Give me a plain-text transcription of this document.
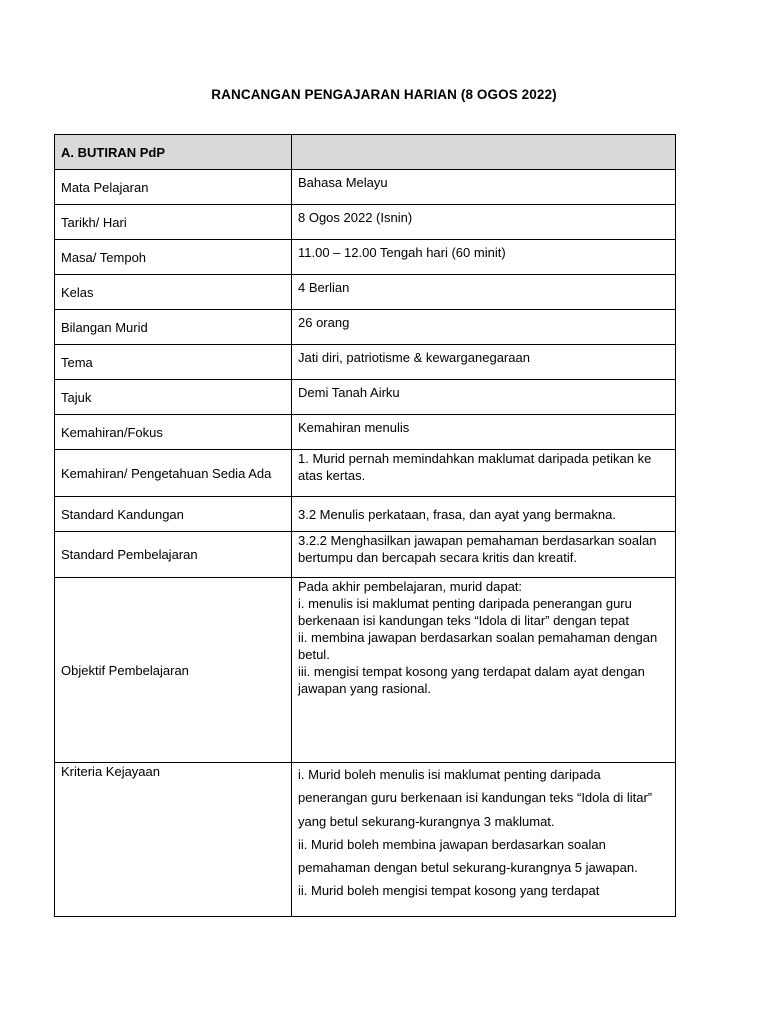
RANCANGAN PENGAJARAN HARIAN (8 OGOS 2022)
A. BUTIRAN PdP	
Mata Pelajaran	Bahasa Melayu
Tarikh/ Hari	8 Ogos 2022 (Isnin)
Masa/ Tempoh	11.00 – 12.00 Tengah hari (60 minit)
Kelas	4 Berlian
Bilangan Murid	26 orang
Tema	Jati diri, patriotisme & kewarganegaraan
Tajuk	Demi Tanah Airku
Kemahiran/Fokus	Kemahiran menulis
Kemahiran/ Pengetahuan Sedia Ada	1. Murid pernah memindahkan maklumat daripada petikan ke atas kertas.
Standard Kandungan	3.2 Menulis perkataan, frasa, dan ayat yang bermakna.
Standard Pembelajaran	3.2.2 Menghasilkan jawapan pemahaman berdasarkan soalan bertumpu dan bercapah secara kritis dan kreatif.
Objektif Pembelajaran	Pada akhir pembelajaran, murid dapat:
i. menulis isi maklumat penting daripada penerangan guru berkenaan isi kandungan teks “Idola di litar” dengan tepat
ii. membina jawapan berdasarkan soalan pemahaman dengan betul.
iii. mengisi tempat kosong yang terdapat dalam ayat dengan jawapan yang rasional.

Kriteria Kejayaan	i. Murid boleh menulis isi maklumat penting daripada penerangan guru berkenaan isi kandungan teks “Idola di litar” yang betul sekurang-kurangnya 3 maklumat.
ii. Murid boleh membina jawapan berdasarkan soalan pemahaman dengan betul sekurang-kurangnya 5 jawapan.
ii. Murid boleh mengisi tempat kosong yang terdapat
